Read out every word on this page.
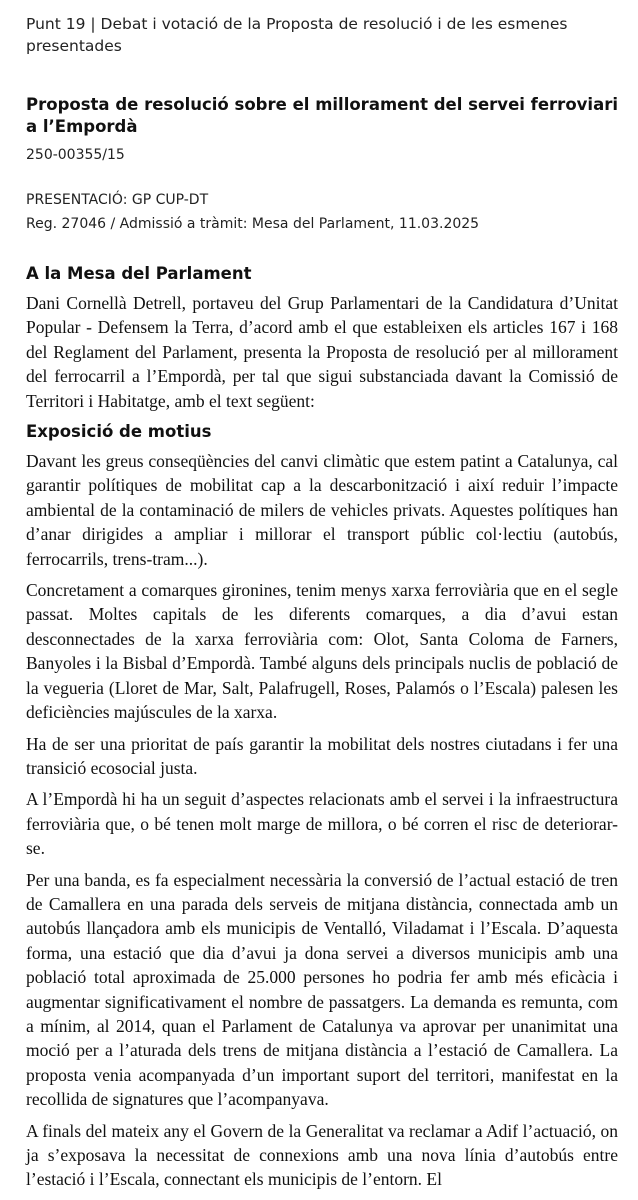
Punt 19 | Debat i votació de la Proposta de resolució i de les esmenes presentades
Proposta de resolució sobre el millorament del servei ferroviari a l’Empordà
250-00355/15
PRESENTACIÓ: GP CUP-DT
Reg. 27046 / Admissió a tràmit: Mesa del Parlament, 11.03.2025
A la Mesa del Parlament

Dani Cornellà Detrell, portaveu del Grup Parlamentari de la Candidatura d’Unitat Popular - Defensem la Terra, d’acord amb el que estableixen els articles 167 i 168 del Reglament del Parlament, presenta la Proposta de resolució per al millorament del ferrocarril a l’Empordà, per tal que sigui substanciada davant la Comissió de Territori i Habitatge, amb el text següent:

Exposició de motius

Davant les greus conseqüències del canvi climàtic que estem patint a Catalunya, cal garantir polítiques de mobilitat cap a la descarbonització i així reduir l’impacte ambiental de la contaminació de milers de vehicles privats. Aquestes polítiques han d’anar dirigides a ampliar i millorar el transport públic col·lectiu (autobús, ferrocarrils, trens-tram...).

Concretament a comarques gironines, tenim menys xarxa ferroviària que en el segle passat. Moltes capitals de les diferents comarques, a dia d’avui estan desconnectades de la xarxa ferroviària com: Olot, Santa Coloma de Farners, Banyoles i la Bisbal d’Empordà. També alguns dels principals nuclis de població de la vegueria (Lloret de Mar, Salt, Palafrugell, Roses, Palamós o l’Escala) palesen les deficiències majúscules de la xarxa.

Ha de ser una prioritat de país garantir la mobilitat dels nostres ciutadans i fer una transició ecosocial justa.

A l’Empordà hi ha un seguit d’aspectes relacionats amb el servei i la infraestructura ferroviària que, o bé tenen molt marge de millora, o bé corren el risc de deteriorar-se.

Per una banda, es fa especialment necessària la conversió de l’actual estació de tren de Camallera en una parada dels serveis de mitjana distància, connectada amb un autobús llançadora amb els municipis de Ventalló, Viladamat i l’Escala. D’aquesta forma, una estació que dia d’avui ja dona servei a diversos municipis amb una població total aproximada de 25.000 persones ho podria fer amb més eficàcia i augmentar significativament el nombre de passatgers. La demanda es remunta, com a mínim, al 2014, quan el Parlament de Catalunya va aprovar per unanimitat una moció per a l’aturada dels trens de mitjana distància a l’estació de Camallera. La proposta venia acompanyada d’un important suport del territori, manifestat en la recollida de signatures que l’acompanyava.

A finals del mateix any el Govern de la Generalitat va reclamar a Adif l’actuació, on ja s’exposava la necessitat de connexions amb una nova línia d’autobús entre l’estació i l’Escala, connectant els municipis de l’entorn. El
